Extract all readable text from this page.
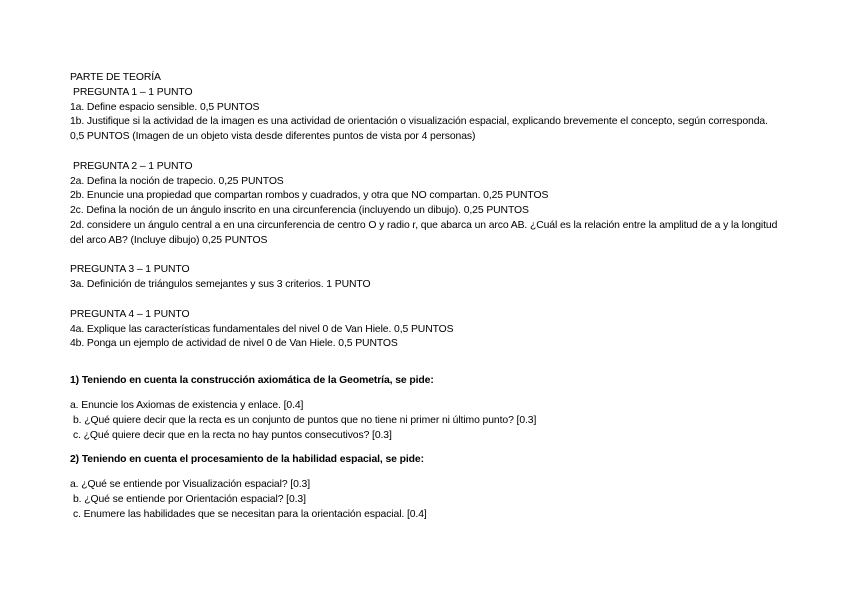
PARTE DE TEORÍA
PREGUNTA 1 – 1 PUNTO
1a. Define espacio sensible. 0,5 PUNTOS
1b. Justifique si la actividad de la imagen es una actividad de orientación o visualización espacial, explicando brevemente el concepto, según corresponda. 0,5 PUNTOS (Imagen de un objeto vista desde diferentes puntos de vista por 4 personas)
PREGUNTA 2 – 1 PUNTO
2a. Defina la noción de trapecio. 0,25 PUNTOS
2b. Enuncie una propiedad que compartan rombos y cuadrados, y otra que NO compartan. 0,25 PUNTOS
2c. Defina la noción de un ángulo inscrito en una circunferencia (incluyendo un dibujo). 0,25 PUNTOS
2d. considere un ángulo central a en una circunferencia de centro O y radio r, que abarca un arco AB. ¿Cuál es la relación entre la amplitud de a y la longitud del arco AB? (Incluye dibujo) 0,25 PUNTOS
PREGUNTA 3 – 1 PUNTO
3a. Definición de triángulos semejantes y sus 3 criterios. 1 PUNTO
PREGUNTA 4 – 1 PUNTO
4a. Explique las características fundamentales del nivel 0 de Van Hiele. 0,5 PUNTOS
4b. Ponga un ejemplo de actividad de nivel 0 de Van Hiele. 0,5 PUNTOS
1) Teniendo en cuenta la construcción axiomática de la Geometría, se pide:
a. Enuncie los Axiomas de existencia y enlace. [0.4]
b. ¿Qué quiere decir que la recta es un conjunto de puntos que no tiene ni primer ni último punto? [0.3]
c. ¿Qué quiere decir que en la recta no hay puntos consecutivos? [0.3]
2) Teniendo en cuenta el procesamiento de la habilidad espacial, se pide:
a. ¿Qué se entiende por Visualización espacial? [0.3]
b. ¿Qué se entiende por Orientación espacial? [0.3]
c. Enumere las habilidades que se necesitan para la orientación espacial. [0.4]
